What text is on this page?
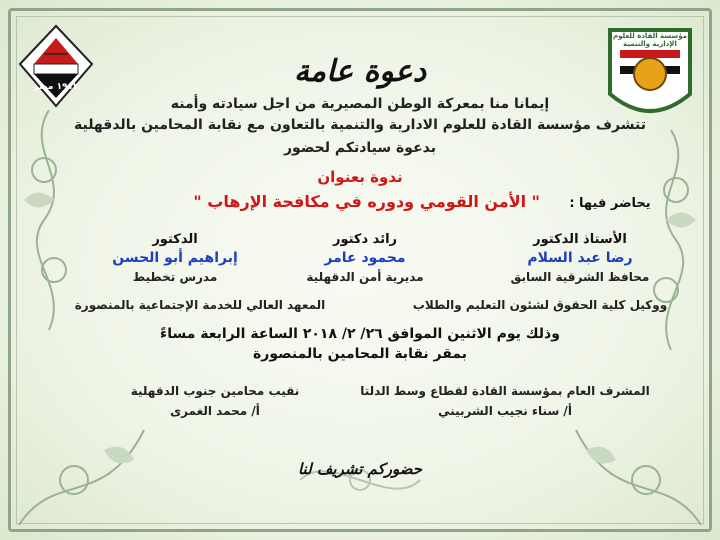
١٩١٢ مصر
مؤسسة القادة للعلوم الإدارية والتنمية
دعوة عامة
إيمانا منا بمعركة الوطن المصيرية من اجل سيادته وأمنه
تتشرف مؤسسة القادة للعلوم الادارية والتنمية بالتعاون مع نقابة المحامين بالدقهلية
بدعوة سيادتكم لحضور
ندوة بعنوان
" الأمن القومي ودوره في مكافحة الإرهاب "	يحاضر فيها :
الأستاذ الدكتور
رضا عبد السلام
محافظ الشرقية السابق
رائد دكتور
محمود عامر
مديرية أمن الدقهلية
الدكتور
إبراهيم أبو الحسن
مدرس تخطيط
ووكيل كلية الحقوق لشئون التعليم والطلاب
المعهد العالي للخدمة الإجتماعية بالمنصورة
وذلك يوم الاثنين الموافق ٢٦/ ٢/ ٢٠١٨ الساعة الرابعة مساءً
بمقر نقابة المحامين بالمنصورة
المشرف العام بمؤسسة القادة لقطاع وسط الدلتا
أ/ سناء نجيب الشربيني
نقيب محامين جنوب الدقهلية
أ/ محمد الغمرى
حضوركم تشريف لنا
